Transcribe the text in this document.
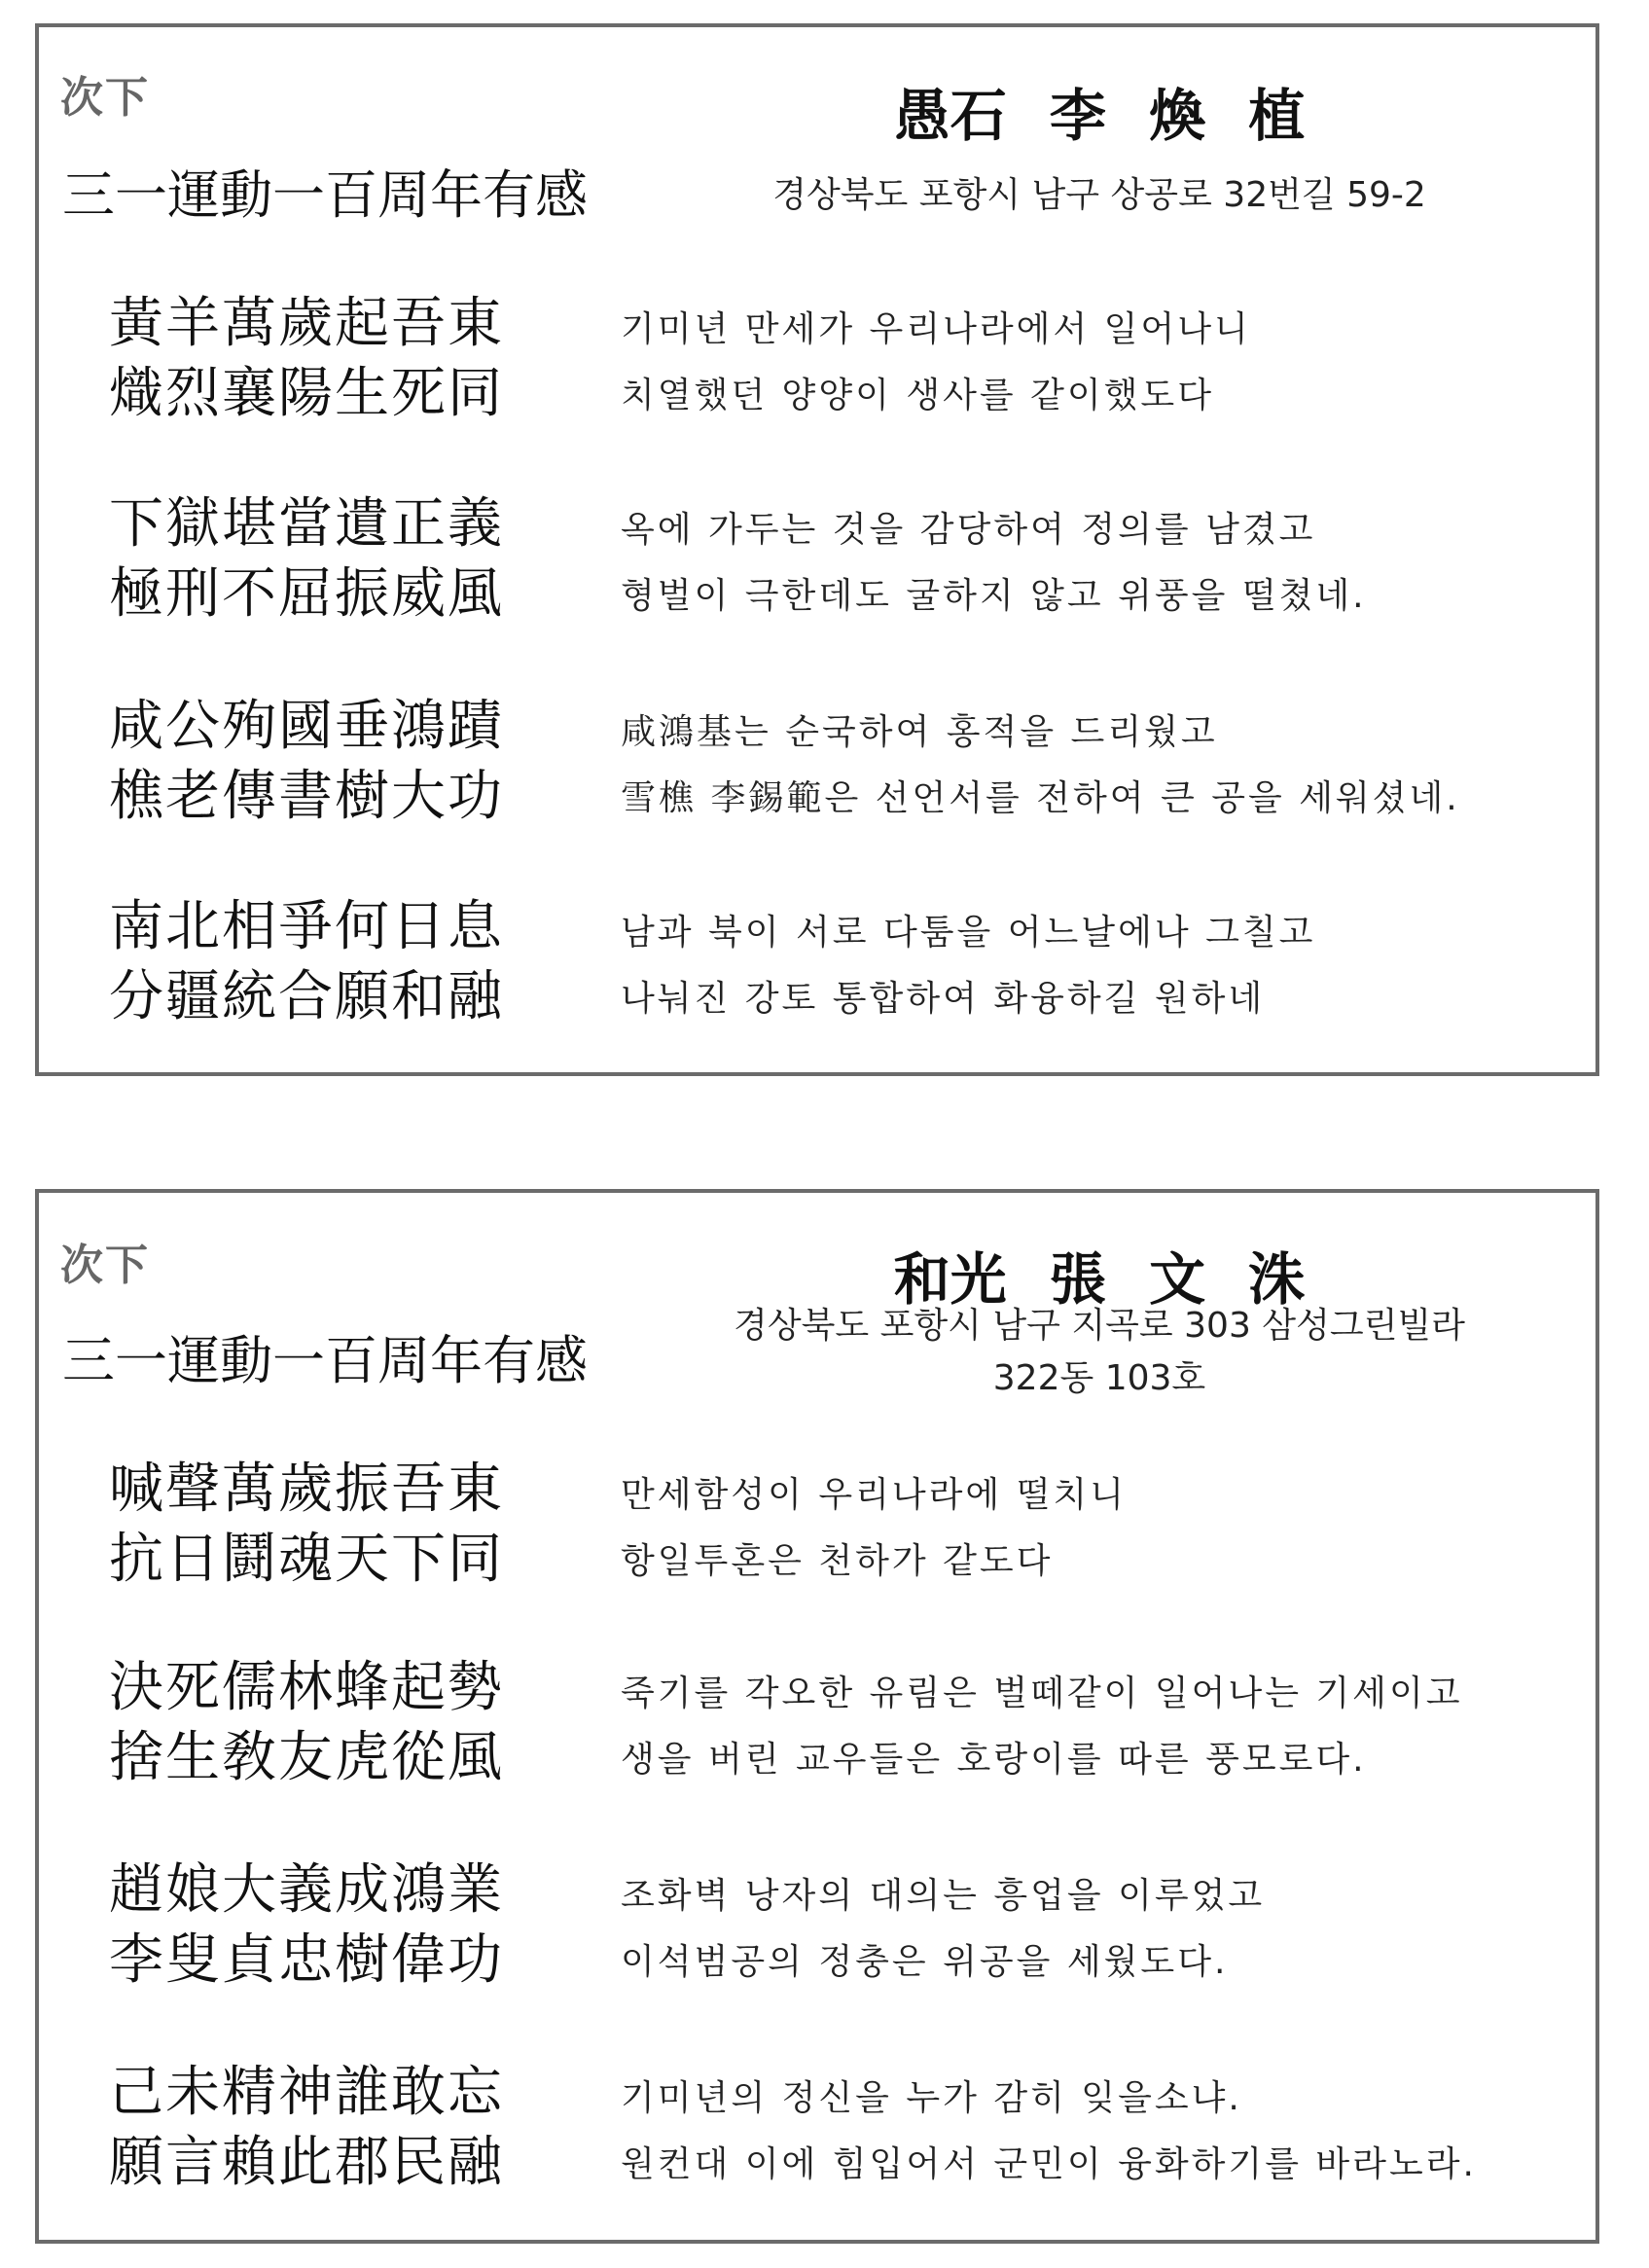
次下
三一運動一百周年有感
愚石 李 煥 植
경상북도 포항시 남구 상공로 32번길 59-2
黃羊萬歲起吾東
熾烈襄陽生死同
기미년 만세가 우리나라에서 일어나니
치열했던 양양이 생사를 같이했도다
下獄堪當遺正義
極刑不屈振威風
옥에 가두는 것을 감당하여 정의를 남겼고
형벌이 극한데도 굴하지 않고 위풍을 떨쳤네.
咸公殉國垂鴻蹟
樵老傳書樹大功
咸鴻基는 순국하여 홍적을 드리웠고
雪樵 李錫範은 선언서를 전하여 큰 공을 세워셨네.
南北相爭何日息
分疆統合願和融
남과 북이 서로 다툼을 어느날에나 그칠고
나눠진 강토 통합하여 화융하길 원하네
次下
三一運動一百周年有感
和光 張 文 洙
경상북도 포항시 남구 지곡로 303 삼성그린빌라
322동 103호
喊聲萬歲振吾東
抗日鬪魂天下同
만세함성이 우리나라에 떨치니
항일투혼은 천하가 같도다
決死儒林蜂起勢
捨生敎友虎從風
죽기를 각오한 유림은 벌떼같이 일어나는 기세이고
생을 버린 교우들은 호랑이를 따른 풍모로다.
趙娘大義成鴻業
李叟貞忠樹偉功
조화벽 낭자의 대의는 흥업을 이루었고
이석범공의 정충은 위공을 세웠도다.
己未精神誰敢忘
願言賴此郡民融
기미년의 정신을 누가 감히 잊을소냐.
원컨대 이에 힘입어서 군민이 융화하기를 바라노라.
